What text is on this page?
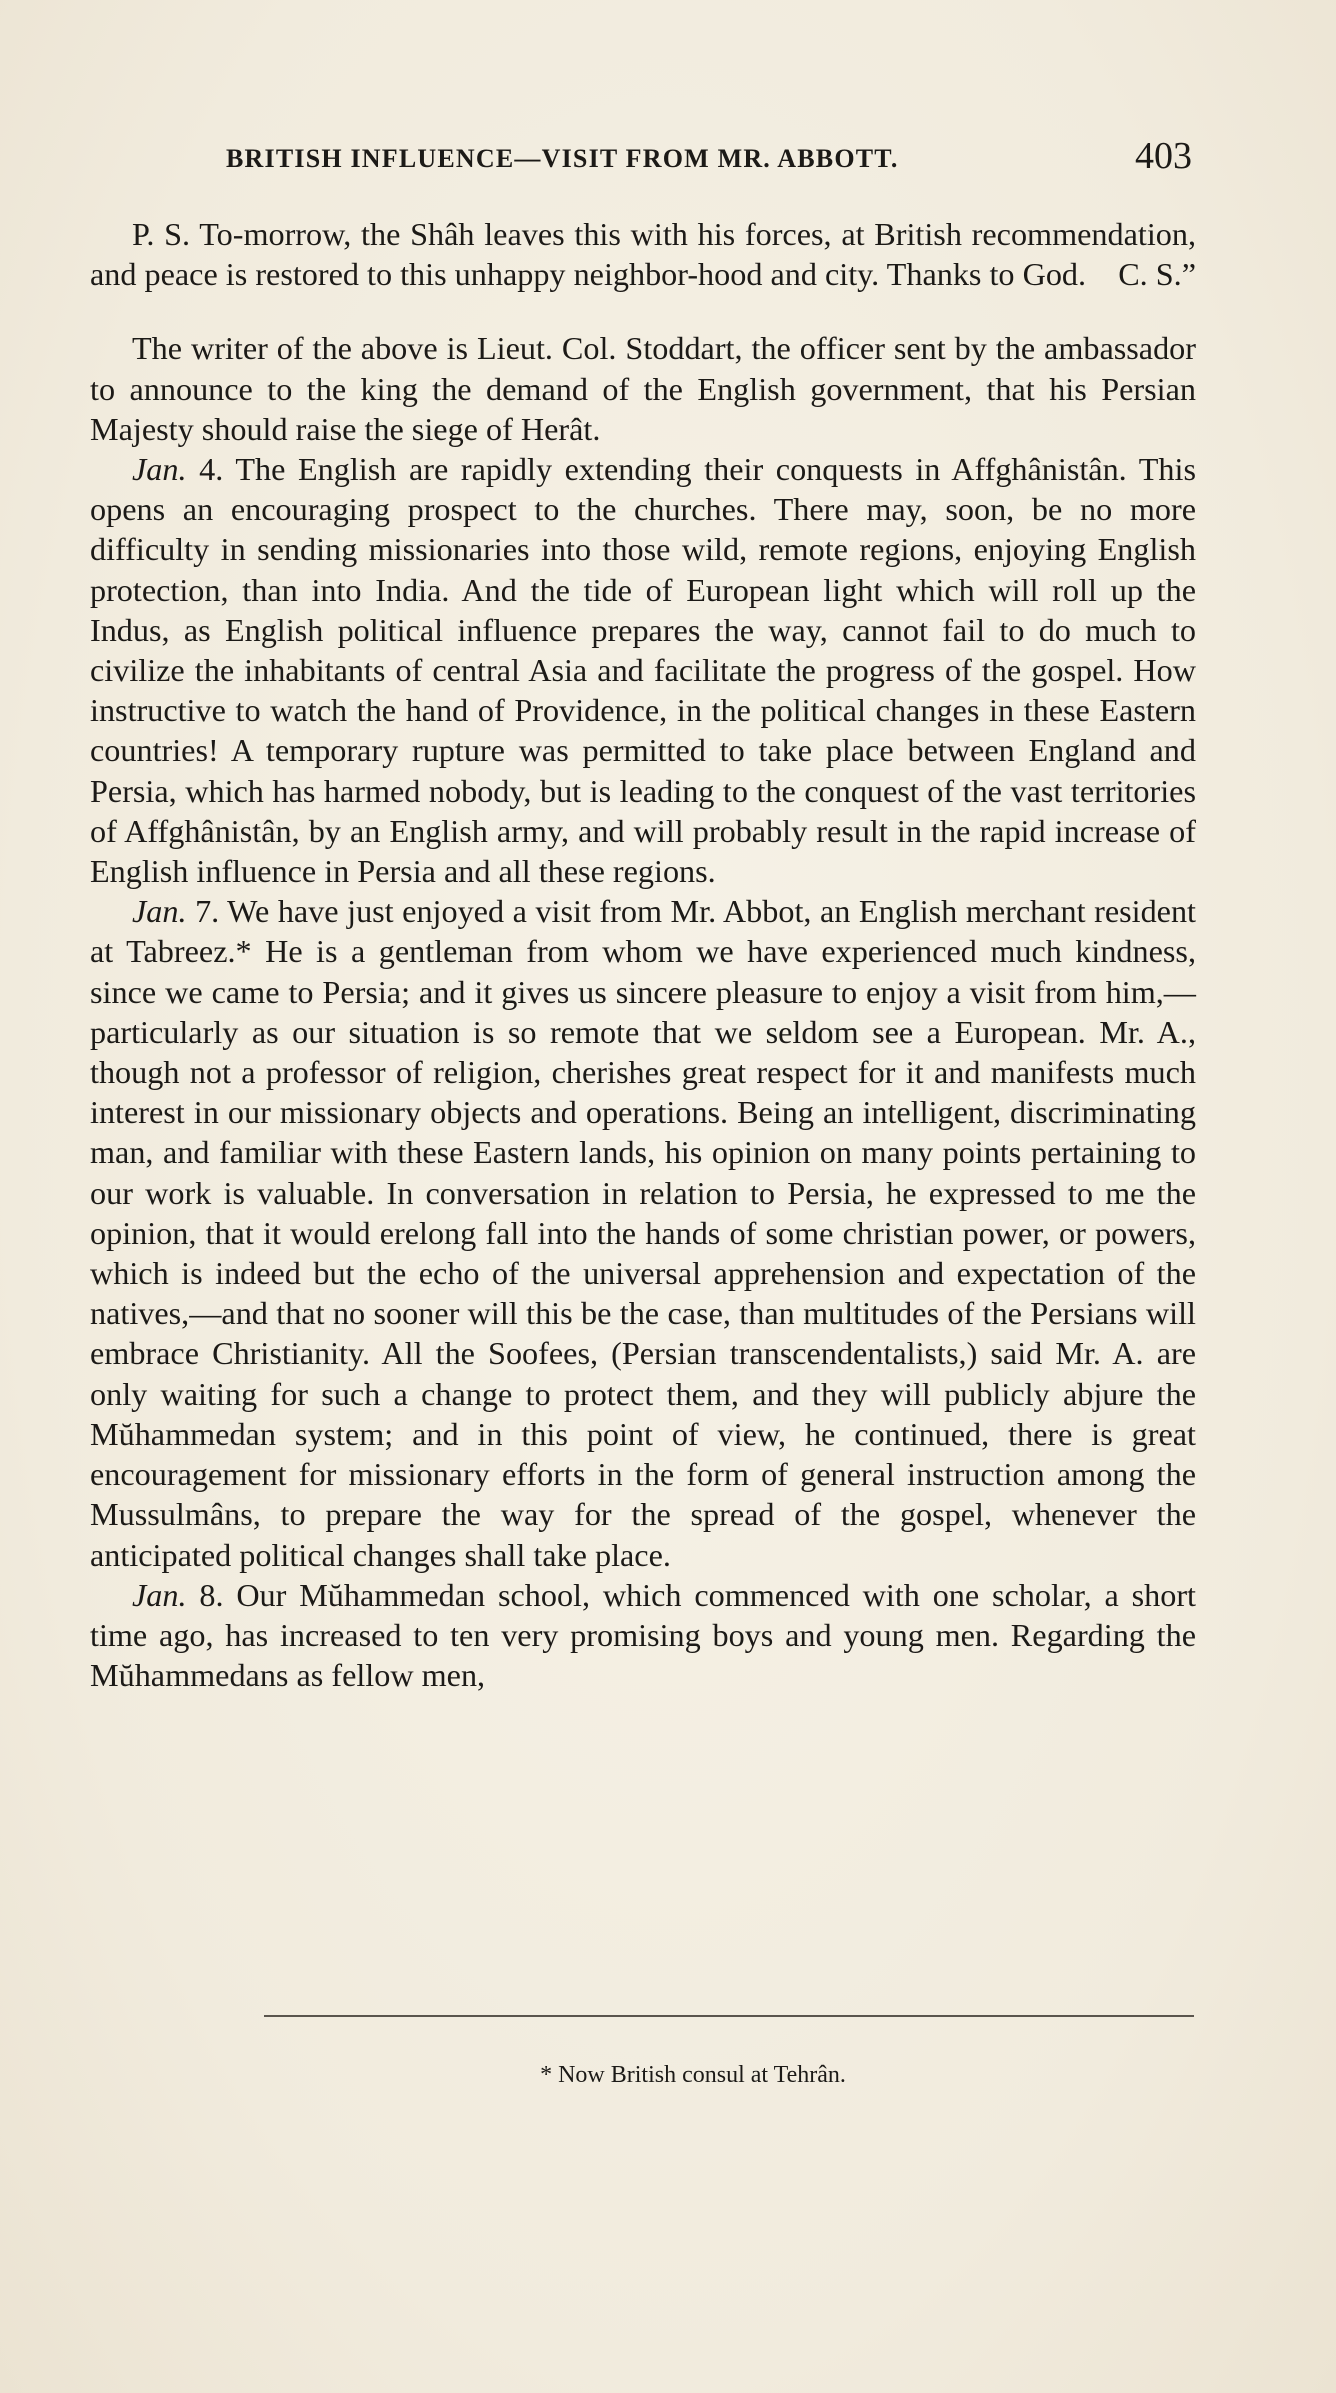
BRITISH INFLUENCE—VISIT FROM MR. ABBOTT.	403

P. S. To-morrow, the Shâh leaves this with his forces, at British recommendation, and peace is restored to this unhappy neighbor-hood and city. Thanks to God. C. S.”

The writer of the above is Lieut. Col. Stoddart, the officer sent by the ambassador to announce to the king the demand of the English government, that his Persian Majesty should raise the siege of Herât.

Jan. 4. The English are rapidly extending their conquests in Affghânistân. This opens an encouraging prospect to the churches. There may, soon, be no more difficulty in sending missionaries into those wild, remote regions, enjoying English protection, than into India. And the tide of European light which will roll up the Indus, as English political influence prepares the way, cannot fail to do much to civilize the inhabitants of central Asia and facilitate the progress of the gospel. How instructive to watch the hand of Providence, in the political changes in these Eastern countries! A temporary rupture was permitted to take place between England and Persia, which has harmed nobody, but is leading to the conquest of the vast territories of Affghânistân, by an English army, and will probably result in the rapid increase of English influence in Persia and all these regions.

Jan. 7. We have just enjoyed a visit from Mr. Abbot, an English merchant resident at Tabreez.* He is a gentleman from whom we have experienced much kindness, since we came to Persia; and it gives us sincere pleasure to enjoy a visit from him,—particularly as our situation is so remote that we seldom see a European. Mr. A., though not a professor of religion, cherishes great respect for it and manifests much interest in our missionary objects and operations. Being an intelligent, discriminating man, and familiar with these Eastern lands, his opinion on many points pertaining to our work is valuable. In conversation in relation to Persia, he expressed to me the opinion, that it would erelong fall into the hands of some christian power, or powers, which is indeed but the echo of the universal apprehension and expectation of the natives,—and that no sooner will this be the case, than multitudes of the Persians will embrace Christianity. All the Soofees, (Persian transcendentalists,) said Mr. A. are only waiting for such a change to protect them, and they will publicly abjure the Mŭhammedan system; and in this point of view, he continued, there is great encouragement for missionary efforts in the form of general instruction among the Mussulmâns, to prepare the way for the spread of the gospel, whenever the anticipated political changes shall take place.

Jan. 8. Our Mŭhammedan school, which commenced with one scholar, a short time ago, has increased to ten very promising boys and young men. Regarding the Mŭhammedans as fellow men,

* Now British consul at Tehrân.
